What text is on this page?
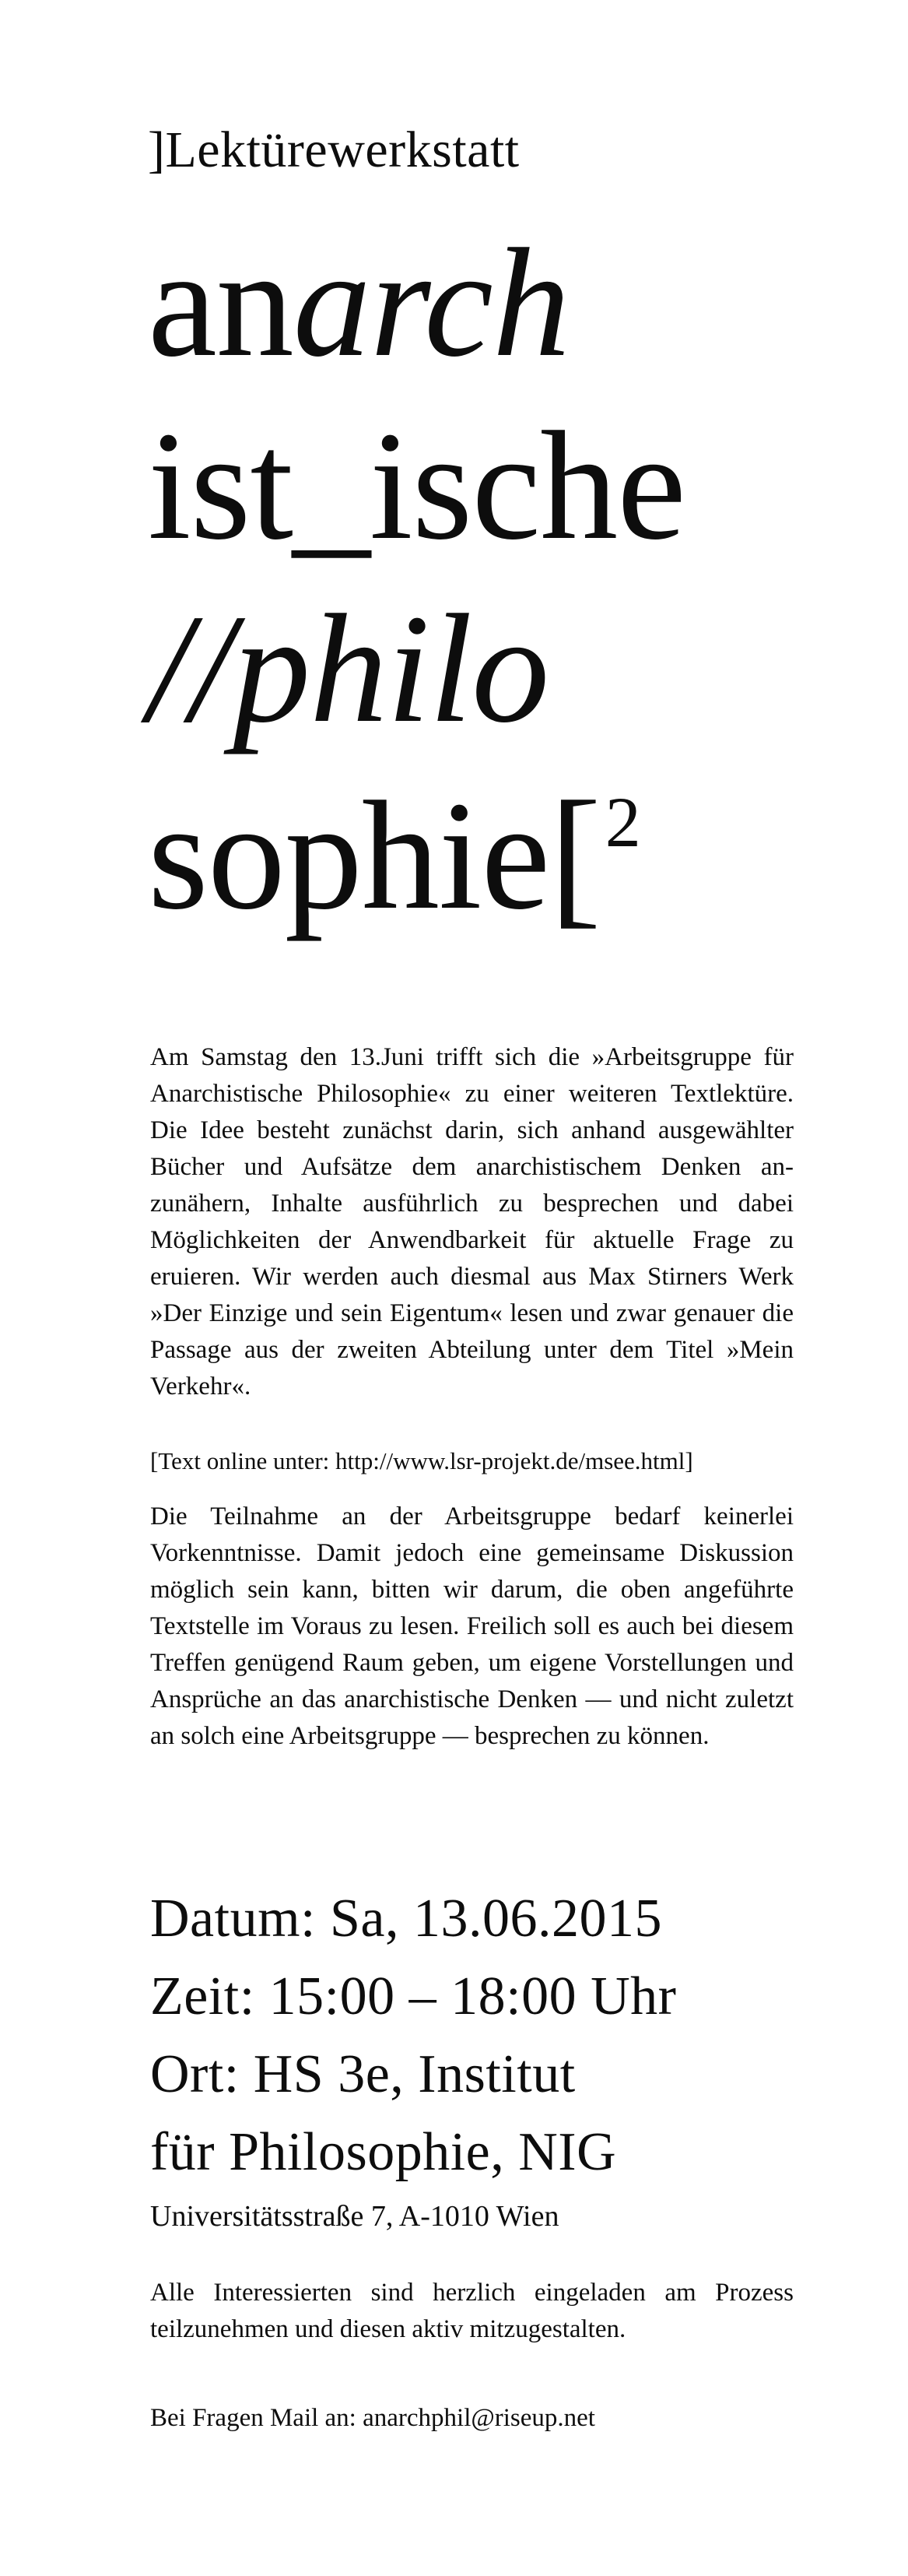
]Lektürewerkstatt
anarch
ist_ische
//philo
sophie[$^2$
Am Samstag den 13.Juni trifft sich die »Arbeitsgruppe für Anarchistische Philosophie« zu einer weiteren Textlektüre. Die Idee besteht zunächst darin, sich anhand ausgewählter Bücher und Aufsätze dem anarchistischem Denken anzunähern, Inhalte ausführlich zu besprechen und dabei Möglichkeiten der Anwendbarkeit für aktuelle Frage zu eruieren. Wir werden auch diesmal aus Max Stirners Werk »Der Einzige und sein Eigentum« lesen und zwar genauer die Passage aus der zweiten Abteilung unter dem Titel »Mein Verkehr«.
[Text online unter: http://www.lsr-projekt.de/msee.html]
Die Teilnahme an der Arbeitsgruppe bedarf keinerlei Vorkenntnisse. Damit jedoch eine gemeinsame Diskussion möglich sein kann, bitten wir darum, die oben angeführte Textstelle im Voraus zu lesen. Freilich soll es auch bei diesem Treffen genügend Raum geben, um eigene Vorstellungen und Ansprüche an das anarchistische Denken — und nicht zuletzt an solch eine Arbeitsgruppe — besprechen zu können.
Datum: Sa, 13.06.2015
Zeit: 15:00 – 18:00 Uhr
Ort: HS 3e, Institut
für Philosophie, NIG
Universitätsstraße 7, A-1010 Wien
Alle Interessierten sind herzlich eingeladen am Prozess teilzunehmen und diesen aktiv mitzugestalten.
Bei Fragen Mail an: anarchphil@riseup.net
